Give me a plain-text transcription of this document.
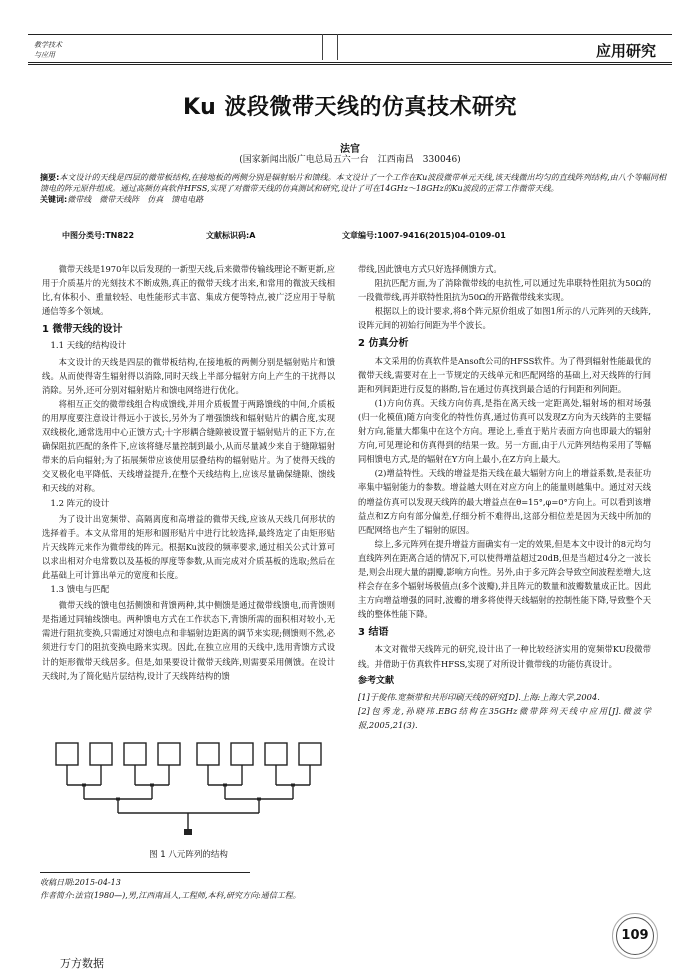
教学技术
与应用	应用研究
Ku 波段微带天线的仿真技术研究
法官
(国家新闻出版广电总局五六一台　江西南昌　330046)
摘要:本文设计的天线是四层的微带板结构,在接地板的两侧分别是辐射贴片和馈线。本文设计了一个工作在Ku波段微带单元天线,该天线微出均匀的直线阵列结构,由八个等幅同相馈电的阵元原件组成。通过高频仿真软件HFSS,实现了对微带天线的仿真测试和研究,设计了可在14GHz～18GHz的Ku波段的正常工作微带天线。
关键词:微带线　微带天线阵　仿真　馈电电路
中图分类号:TN822	文献标识码:A	文章编号:1007-9416(2015)04-0109-01

微带天线是1970年以后发现的一新型天线,后来微带传输线理论不断更新,应用于介质基片的光刻技术不断成熟,真正的微带天线才出来,和常用的微波天线相比,有体积小、重量较轻、电性能形式丰富、集成方便等特点,被广泛应用于导航通信等多个领域。

1 微带天线的设计
1.1 天线的结构设计

本文设计的天线是四层的微带板结构,在接地板的两侧分别是辐射贴片和馈线。从而使得寄生辐射得以消除,同时天线上半部分辐射方向上产生的干扰得以消除。另外,还可分别对辐射贴片和馈电网络进行优化。

将相互正交的微带线组合构成馈线,并用介质板置于两路馈线的中间,介质板的用厚度要注意设计得远小于波长,另外为了增强馈线和辐射贴片的耦合度,实现双线极化,通常选用中心正馈方式;十字形耦合缝隙被设置于辐射贴片的正下方,在确保阻抗匹配的条件下,应该将缝尽量控制到最小,从而尽量减少来自于缝隙辐射带来的后向辐射;为了拓展频带应该使用层叠结构的辐射贴片。为了使得天线的交叉极化电平降低、天线增益提升,在整个天线结构上,应该尽量确保缝隙、馈线和天线的对称。

1.2 阵元的设计

为了设计出宽频带、高隔离度和高增益的微带天线,应该从天线几何形状的选择着手。本文从常用的矩形和圆形贴片中进行比较选择,最终选定了由矩形贴片天线阵元来作为微带线的阵元。根据Ku波段的频率要求,通过相关公式计算可以求出相对介电常数以及基板的厚度等参数,从而完成对介质基板的选取;然后在此基础上可计算出单元的宽度和长度。

1.3 馈电与匹配

微带天线的馈电包括侧馈和背馈两种,其中侧馈是通过微带线馈电,而背馈则是指通过同轴线馈电。两种馈电方式在工作状态下,背馈所需的面积相对较小,无需进行阻抗变换,只需通过对馈电点和非辐射边距离的调节来实现;侧馈则不然,必须进行专门的阻抗变换电路来实现。因此,在独立应用的天线中,选用背馈方式设计的矩形微带天线居多。但是,如果要设计微带天线阵,则需要采用侧馈。在设计天线时,为了简化贴片层结构,设计了天线阵结构的馈

图 1 八元阵列的结构

带线,因此馈电方式只好选择侧馈方式。

阻抗匹配方面,为了消除微带线的电抗性,可以通过先串联特性阻抗为50Ω的一段微带线,再并联特性阻抗为50Ω的开路微带线来实现。

根据以上的设计要求,将8个阵元原价组成了如图1所示的八元阵列的天线阵,设阵元间的初始行间距为半个波长。

2 仿真分析

本文采用的仿真软件是Ansoft公司的HFSS软件。为了得到辐射性能最优的微带天线,需要对在上一节规定的天线单元和匹配网络的基础上,对天线阵的行间距和列间距进行反复的斟酌,旨在通过仿真找到最合适的行间距和列间距。

(1)方向仿真。天线方向仿真,是指在离天线一定距离处,辐射场的相对场强(归一化模值)随方向变化的特性仿真,通过仿真可以发现Z方向为天线阵的主要辐射方向,能量大都集中在这个方向。理论上,垂直于贴片表面方向也即最大的辐射方向,可见理论和仿真得到的结果一致。另一方面,由于八元阵列结构采用了等幅同相馈电方式,是的辐射在Y方向上最小,在Z方向上最大。

(2)增益特性。天线的增益是指天线在最大辐射方向上的增益系数,是表征功率集中辐射能力的参数。增益越大则在对应方向上的能量则越集中。通过对天线的增益仿真可以发现天线阵的最大增益点在θ=15°,φ=0°方向上。可以看到该增益点和Z方向有部分偏差,仔细分析不难得出,这部分相位差是因为天线中所加的匹配网络也产生了辐射的原因。

综上,多元阵列在提升增益方面确实有一定的效果,但是本文中设计的8元均匀直线阵列在距离合适的情况下,可以使得增益超过20dB,但是当超过4分之一波长是,则会出现大量的副瓣,影响方向性。另外,由于多元阵会导致空间波程差增大,这样会存在多个辐射场极值点(多个波瓣),并且阵元的数量和波瓣数量成正比。因此主方向增益增强的同时,波瓣的增多将使得天线辐射的控制性能下降,导致整个天线的整体性能下降。

3 结语

本文对微带天线阵元的研究,设计出了一种比较经济实用的宽频带KU段微带线。并借助于仿真软件HFSS,实现了对所设计微带线的功能仿真设计。

参考文献

[1]于俊伟.宽频带和共形印刷天线的研究[D].上海:上海大学,2004.

[2]包秀龙,孙晓玮.EBG结构在35GHz微带阵列天线中应用[J].微波学报,2005,21(3).

收稿日期:2015-04-13
作者简介:法官(1980—),男,江西南昌人,工程师,本科,研究方向:通信工程。
109
万方数据
